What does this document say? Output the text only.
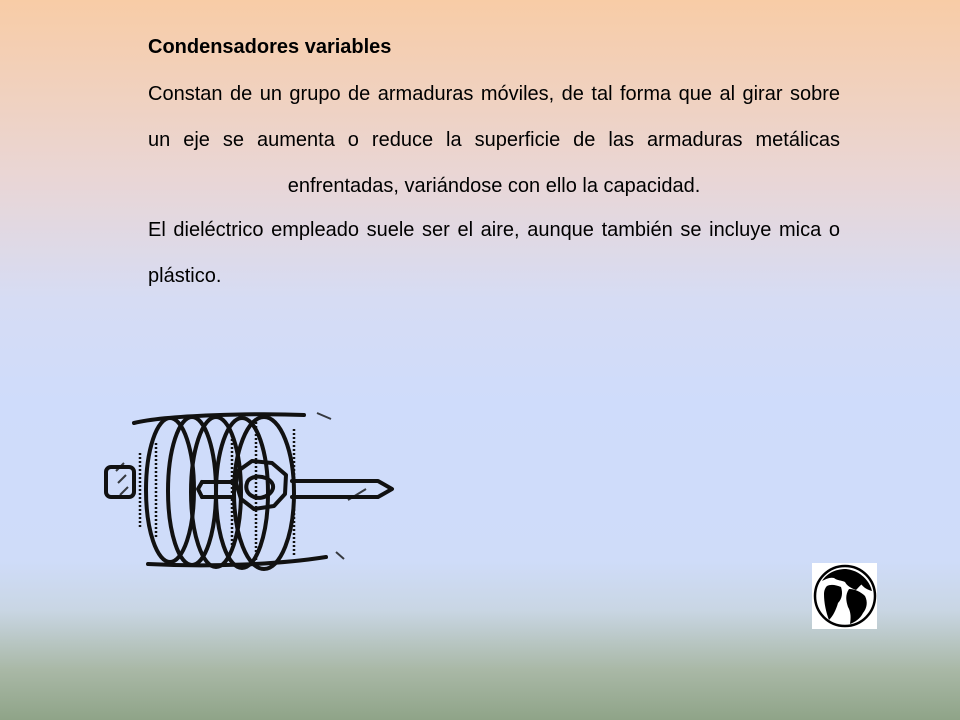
Condensadores variables

Constan de un grupo de armaduras móviles, de tal forma que al girar sobre un eje se aumenta o reduce la superficie de las armaduras metálicas enfrentadas, variándose con ello la capacidad.

El dieléctrico empleado suele ser el aire, aunque también se incluye mica o plástico.
